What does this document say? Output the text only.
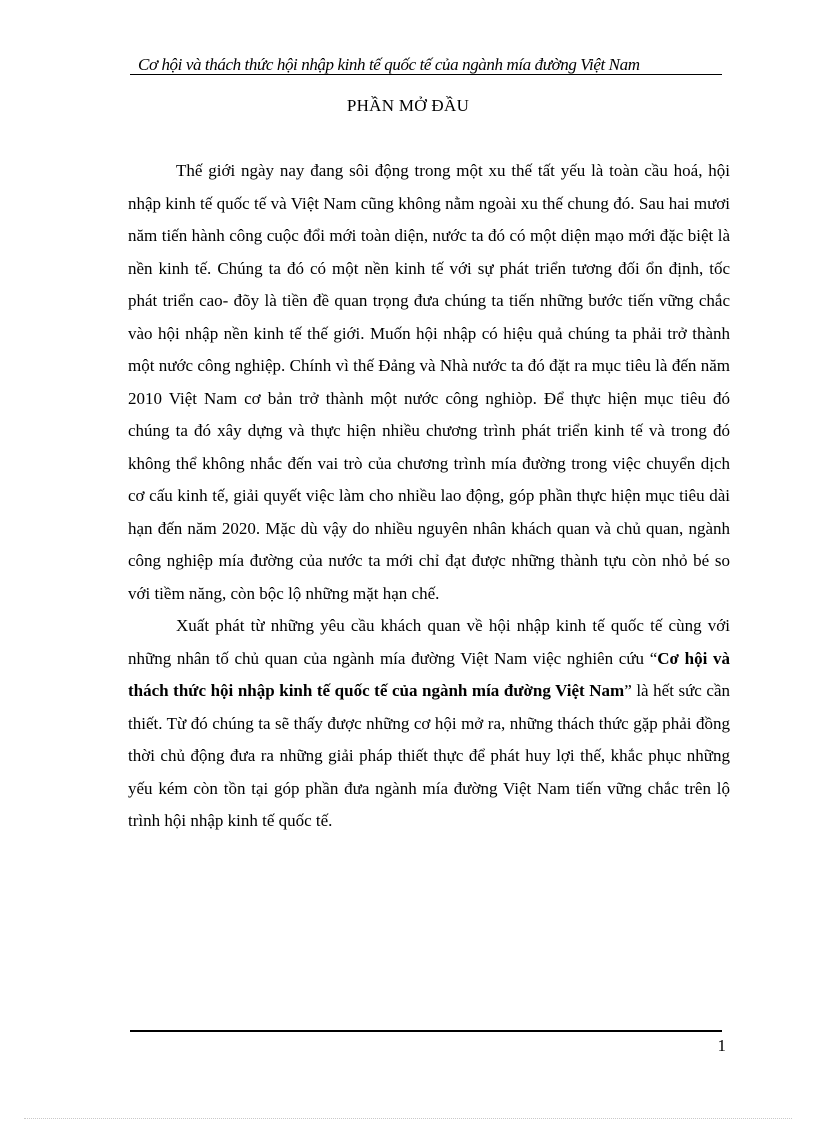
Cơ hội và thách thức hội nhập kinh tế quốc tế của ngành mía đường Việt Nam
PHẦN MỞ ĐẦU

Thế giới ngày nay đang sôi động trong một xu thế tất yếu là toàn cầu hoá, hội nhập kinh tế quốc tế và Việt Nam cũng không nằm ngoài xu thế chung đó. Sau hai mươi năm tiến hành công cuộc đổi mới toàn diện, nước ta đó có một diện mạo mới đặc biệt là nền kinh tế. Chúng ta đó có một nền kinh tế với sự phát triển tương đối ổn định, tốc phát triển cao- đõy là tiền đề quan trọng đưa chúng ta tiến những bước tiến vững chắc vào hội nhập nền kinh tế thế giới. Muốn hội nhập có hiệu quả chúng ta phải trở thành một nước công nghiệp. Chính vì thế Đảng và Nhà nước ta đó đặt ra mục tiêu là đến năm 2010 Việt Nam cơ bản trở thành một nước công nghiòp. Để thực hiện mục tiêu đó chúng ta đó xây dựng và thực hiện nhiều chương trình phát triển kinh tế và trong đó không thể không nhắc đến vai trò của chương trình mía đường trong việc chuyển dịch cơ cấu kinh tế, giải quyết việc làm cho nhiều lao động, góp phần thực hiện mục tiêu dài hạn đến năm 2020. Mặc dù vậy do nhiều nguyên nhân khách quan và chủ quan, ngành công nghiệp mía đường của nước ta mới chỉ đạt được những thành tựu còn nhỏ bé so với tiềm năng, còn bộc lộ những mặt hạn chế.

Xuất phát từ những yêu cầu khách quan về hội nhập kinh tế quốc tế cùng với những nhân tố chủ quan của ngành mía đường Việt Nam việc nghiên cứu “Cơ hội và thách thức hội nhập kinh tế quốc tế của ngành mía đường Việt Nam” là hết sức cần thiết. Từ đó chúng ta sẽ thấy được những cơ hội mở ra, những thách thức gặp phải đồng thời chủ động đưa ra những giải pháp thiết thực để phát huy lợi thế, khắc phục những yếu kém còn tồn tại góp phần đưa ngành mía đường Việt Nam tiến vững chắc trên lộ trình hội nhập kinh tế quốc tế.

1
